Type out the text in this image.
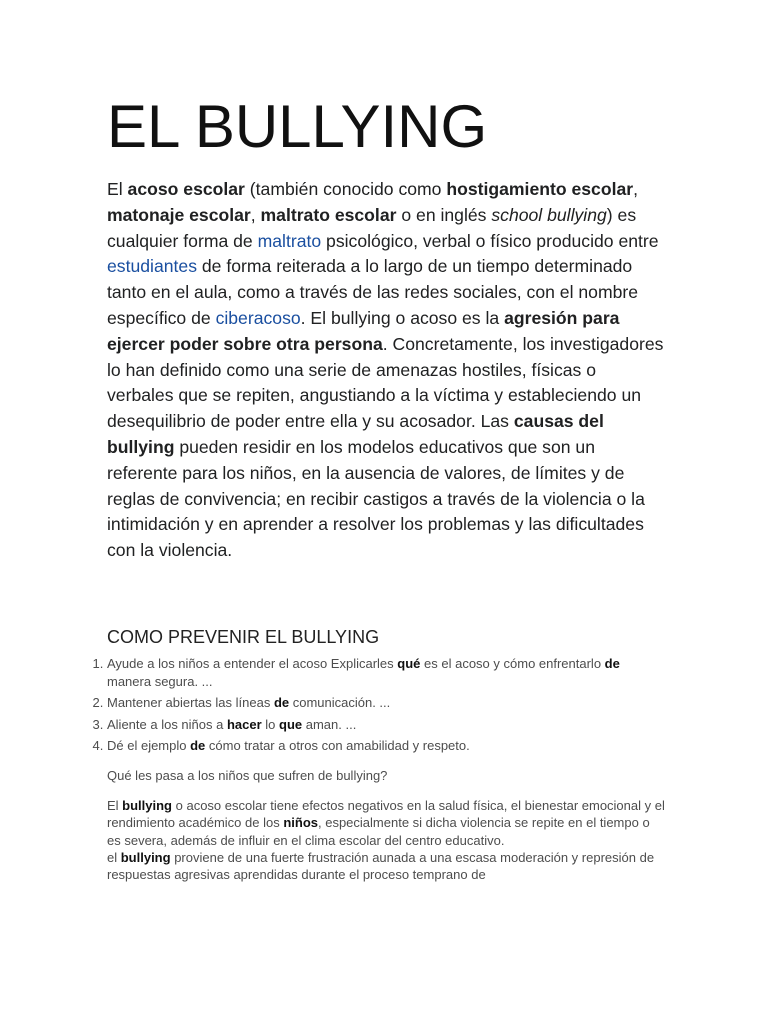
EL BULLYING

El acoso escolar (también conocido como hostigamiento escolar, matonaje escolar, maltrato escolar o en inglés school bullying) es cualquier forma de maltrato psicológico, verbal o físico producido entre estudiantes de forma reiterada a lo largo de un tiempo determinado tanto en el aula, como a través de las redes sociales, con el nombre específico de ciberacoso. El bullying o acoso es la agresión para ejercer poder sobre otra persona. Concretamente, los investigadores lo han definido como una serie de amenazas hostiles, físicas o verbales que se repiten, angustiando a la víctima y estableciendo un desequilibrio de poder entre ella y su acosador. Las causas del bullying pueden residir en los modelos educativos que son un referente para los niños, en la ausencia de valores, de límites y de reglas de convivencia; en recibir castigos a través de la violencia o la intimidación y en aprender a resolver los problemas y las dificultades con la violencia.

COMO PREVENIR EL BULLYING
1. Ayude a los niños a entender el acoso Explicarles qué es el acoso y cómo enfrentarlo de manera segura. ...
2. Mantener abiertas las líneas de comunicación. ...
3. Aliente a los niños a hacer lo que aman. ...
4. Dé el ejemplo de cómo tratar a otros con amabilidad y respeto.

Qué les pasa a los niños que sufren de bullying?

El bullying o acoso escolar tiene efectos negativos en la salud física, el bienestar emocional y el rendimiento académico de los niños, especialmente si dicha violencia se repite en el tiempo o es severa, además de influir en el clima escolar del centro educativo.
el bullying proviene de una fuerte frustración aunada a una escasa moderación y represión de respuestas agresivas aprendidas durante el proceso temprano de
